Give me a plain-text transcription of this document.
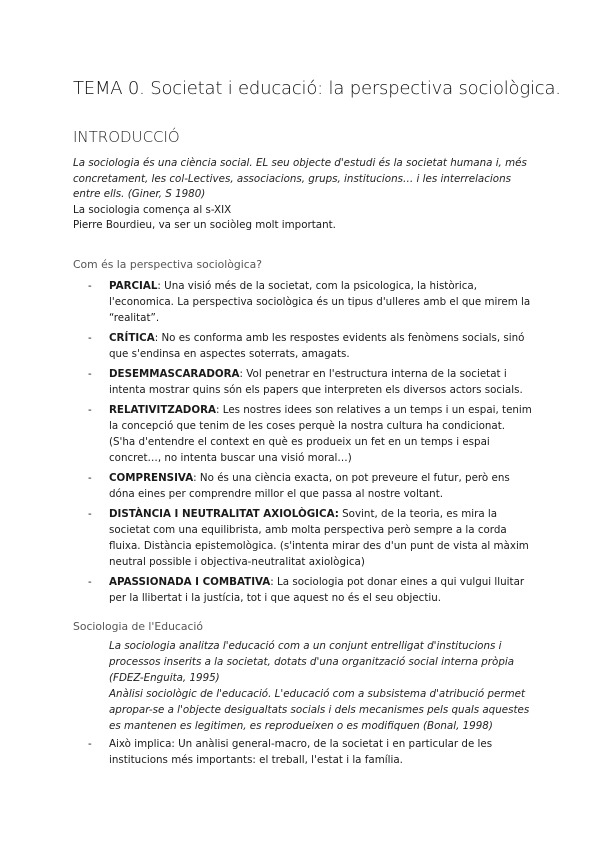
TEMA 0. Societat i educació: la perspectiva sociològica.
INTRODUCCIÓ

La sociologia és una ciència social. EL seu objecte d'estudi és la societat humana i, més concretament, les col-Lectives, associacions, grups, institucions… i les interrelacions entre ells. (Giner, S 1980)

La sociologia comença al s-XIX

Pierre Bourdieu, va ser un sociòleg molt important.

Com és la perspectiva sociològica?
- PARCIAL: Una visió més de la societat, com la psicologica, la històrica, l'economica. La perspectiva sociològica és un tipus d'ulleres amb el que mirem la “realitat”.
- CRÍTICA: No es conforma amb les respostes evidents als fenòmens socials, sinó que s'endinsa en aspectes soterrats, amagats.
- DESEMMASCARADORA: Vol penetrar en l'estructura interna de la societat i intenta mostrar quins són els papers que interpreten els diversos actors socials.
- RELATIVITZADORA: Les nostres idees son relatives a un temps i un espai, tenim la concepció que tenim de les coses perquè la nostra cultura ha condicionat. (S'ha d'entendre el context en què es produeix un fet en un temps i espai concret…, no intenta buscar una visió moral…)
- COMPRENSIVA: No és una ciència exacta, on pot preveure el futur, però ens dóna eines per comprendre millor el que passa al nostre voltant.
- DISTÀNCIA I NEUTRALITAT AXIOLÒGICA: Sovint, de la teoria, es mira la societat com una equilibrista, amb molta perspectiva però sempre a la corda fluixa. Distància epistemològica. (s'intenta mirar des d'un punt de vista al màxim neutral possible i objectiva-neutralitat axiològica)
- APASSIONADA I COMBATIVA: La sociologia pot donar eines a qui vulgui lluitar per la llibertat i la justícia, tot i que aquest no és el seu objectiu.
Sociologia de l'Educació
La sociologia analitza l'educació com a un conjunt entrelligat d'institucions i processos inserits a la societat, dotats d'una organització social interna pròpia (FDEZ-Enguita, 1995)
Anàlisi sociològic de l'educació. L'educació com a subsistema d'atribució permet apropar-se a l'objecte desigualtats socials i dels mecanismes pels quals aquestes es mantenen es legitimen, es reprodueixen o es modifiquen (Bonal, 1998)
- Això implica: Un anàlisi general-macro, de la societat i en particular de les institucions més importants: el treball, l'estat i la família.
